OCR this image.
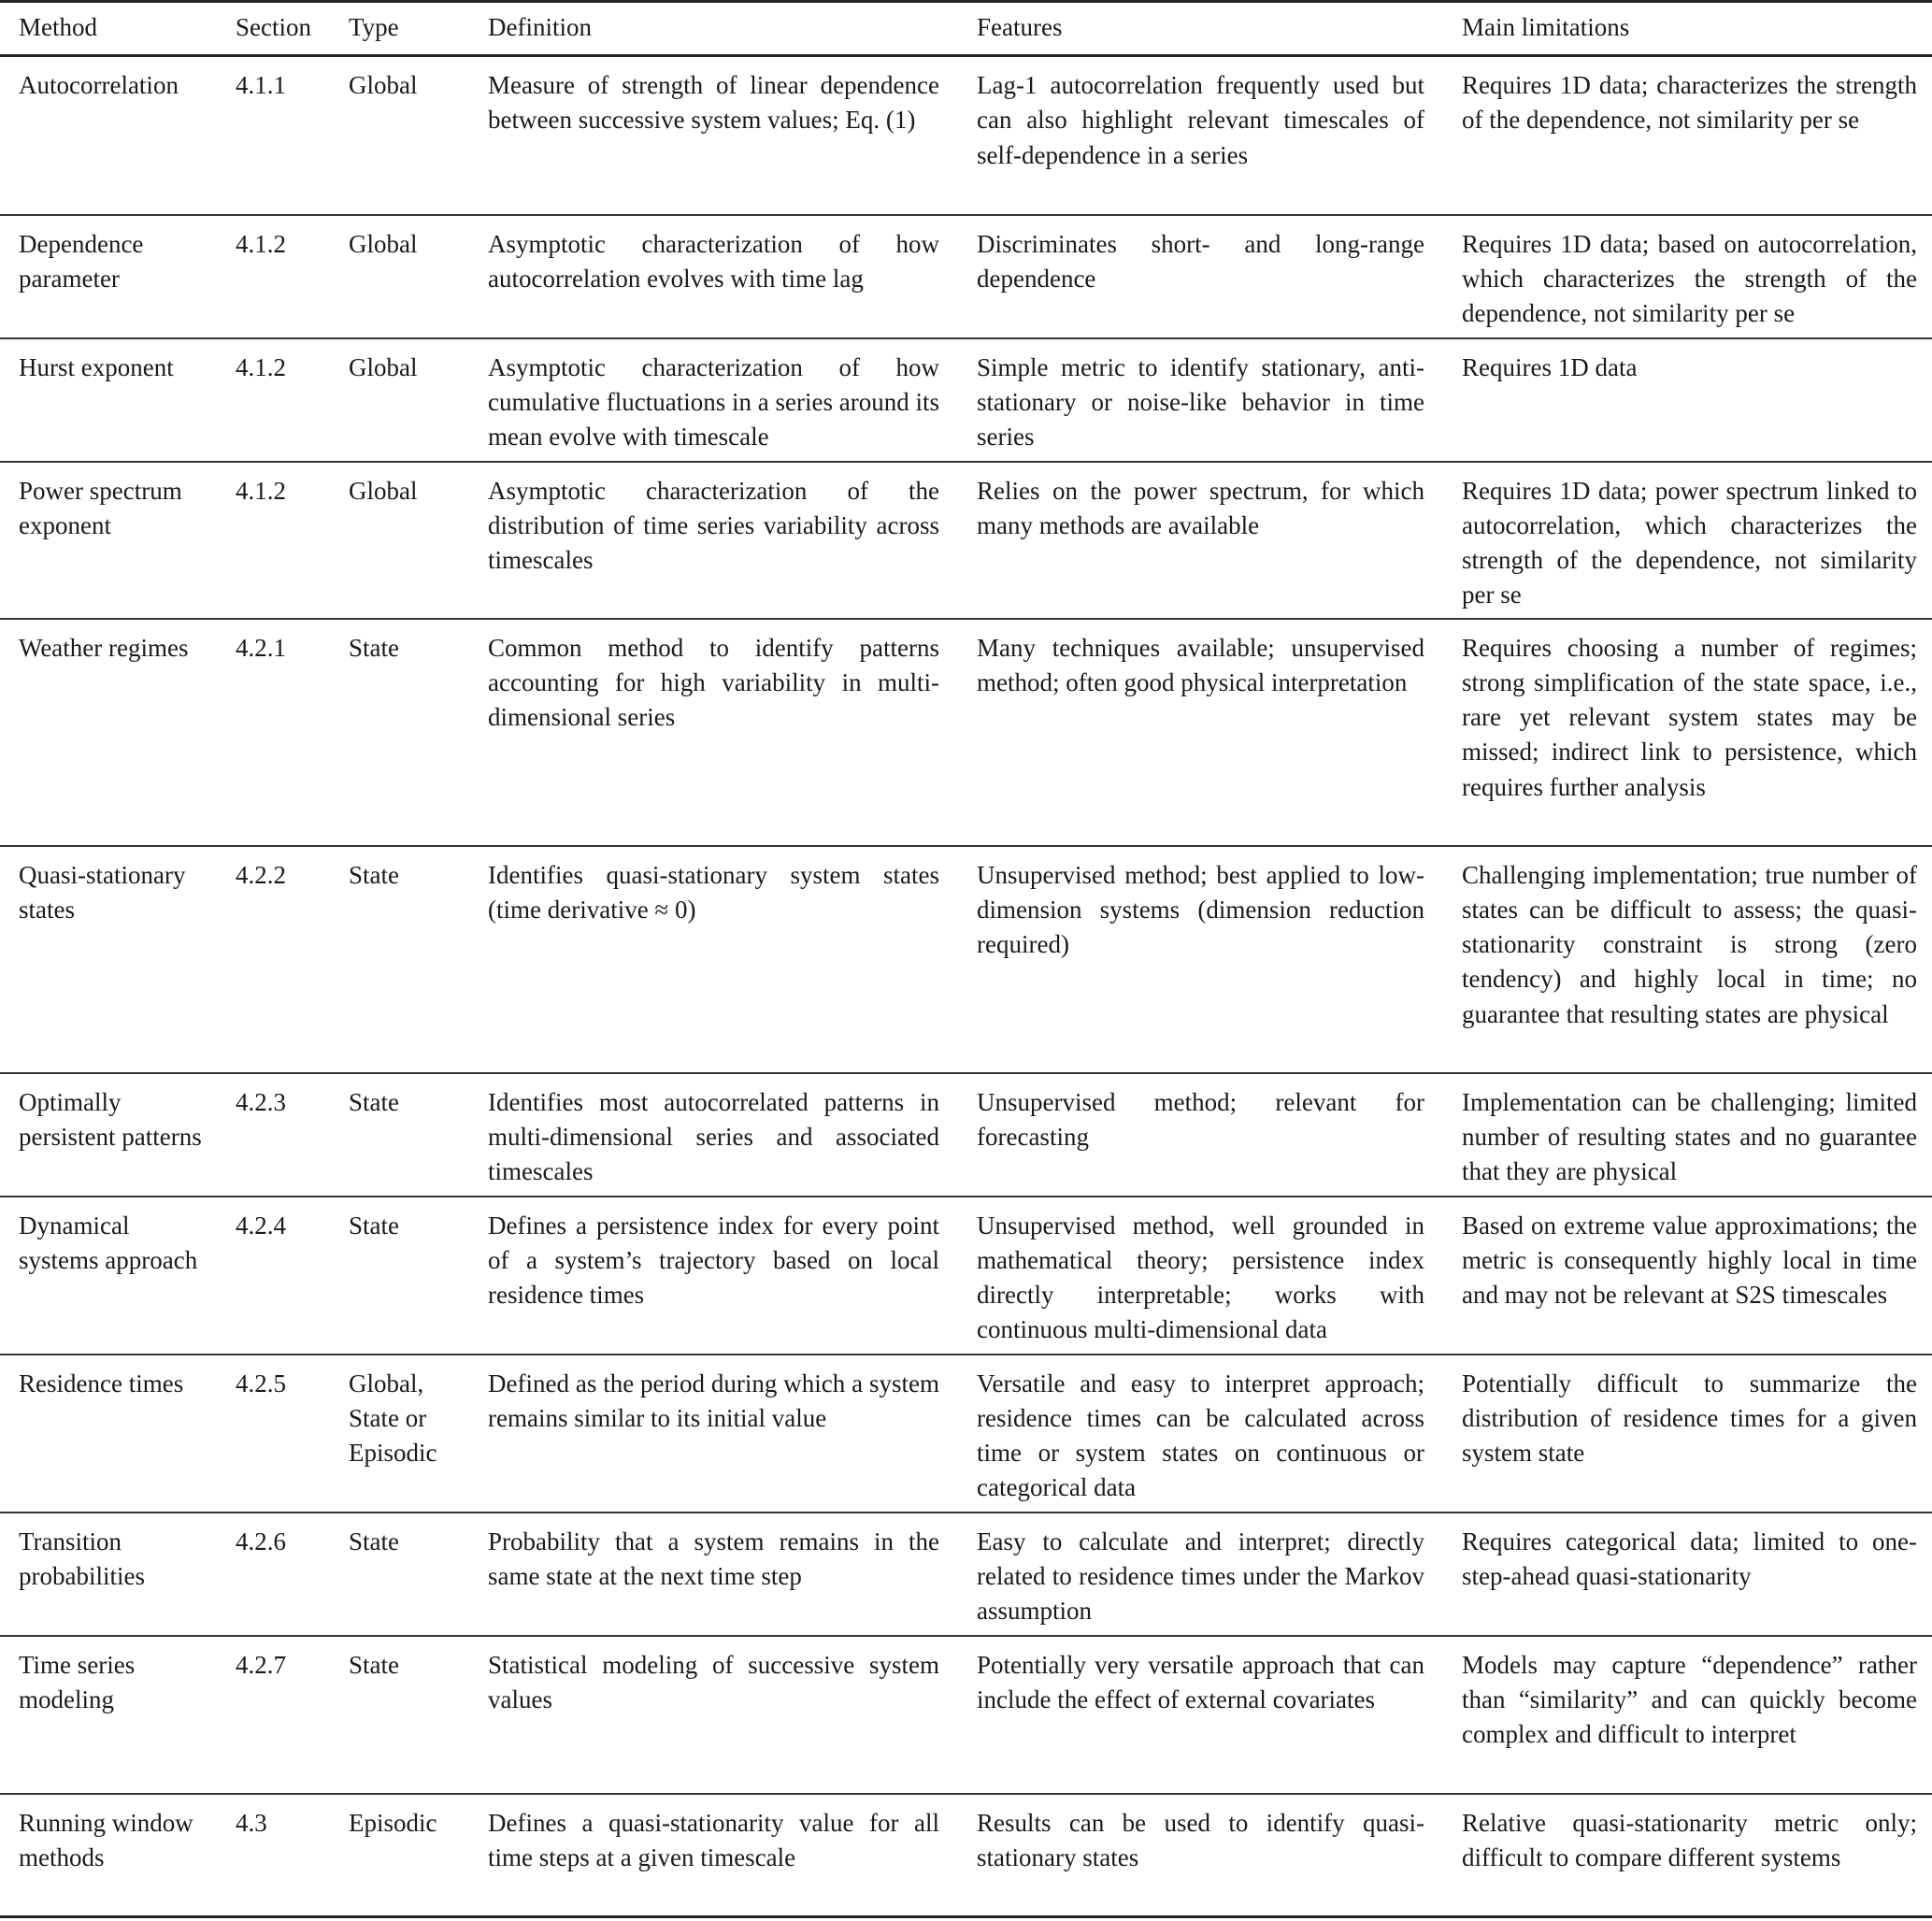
Method	Section	Type	Definition	Features	Main limitations
Autocorrelation	4.1.1	Global	Measure of strength of linear dependence between successive system values; Eq. (1)	Lag-1 autocorrelation frequently used but can also highlight relevant timescales of self-dependence in a series	Requires 1D data; characterizes the strength of the dependence, not similarity per se
Dependence parameter	4.1.2	Global	Asymptotic characterization of how autocorrelation evolves with time lag	Discriminates short- and long-range dependence	Requires 1D data; based on autocorrelation, which characterizes the strength of the dependence, not similarity per se
Hurst exponent	4.1.2	Global	Asymptotic characterization of how cumulative fluctuations in a series around its mean evolve with timescale	Simple metric to identify stationary, anti-stationary or noise-like behavior in time series	Requires 1D data
Power spectrum exponent	4.1.2	Global	Asymptotic characterization of the distribution of time series variability across timescales	Relies on the power spectrum, for which many methods are available	Requires 1D data; power spectrum linked to autocorrelation, which characterizes the strength of the dependence, not similarity per se
Weather regimes	4.2.1	State	Common method to identify patterns accounting for high variability in multi-dimensional series	Many techniques available; unsupervised method; often good physical interpretation	Requires choosing a number of regimes; strong simplification of the state space, i.e., rare yet relevant system states may be missed; indirect link to persistence, which requires further analysis
Quasi-stationary states	4.2.2	State	Identifies quasi-stationary system states (time derivative ≈ 0)	Unsupervised method; best applied to low-dimension systems (dimension reduction required)	Challenging implementation; true number of states can be difficult to assess; the quasi-stationarity constraint is strong (zero tendency) and highly local in time; no guarantee that resulting states are physical
Optimally persistent patterns	4.2.3	State	Identifies most autocorrelated patterns in multi-dimensional series and associated timescales	Unsupervised method; relevant for forecasting	Implementation can be challenging; limited number of resulting states and no guarantee that they are physical
Dynamical systems approach	4.2.4	State	Defines a persistence index for every point of a system’s trajectory based on local residence times	Unsupervised method, well grounded in mathematical theory; persistence index directly interpretable; works with continuous multi-dimensional data	Based on extreme value approximations; the metric is consequently highly local in time and may not be relevant at S2S timescales
Residence times	4.2.5	Global, State or Episodic	Defined as the period during which a system remains similar to its initial value	Versatile and easy to interpret approach; residence times can be calculated across time or system states on continuous or categorical data	Potentially difficult to summarize the distribution of residence times for a given system state
Transition probabilities	4.2.6	State	Probability that a system remains in the same state at the next time step	Easy to calculate and interpret; directly related to residence times under the Markov assumption	Requires categorical data; limited to one-step-ahead quasi-stationarity
Time series modeling	4.2.7	State	Statistical modeling of successive system values	Potentially very versatile approach that can include the effect of external covariates	Models may capture “dependence” rather than “similarity” and can quickly become complex and difficult to interpret
Running window methods	4.3	Episodic	Defines a quasi-stationarity value for all time steps at a given timescale	Results can be used to identify quasi-stationary states	Relative quasi-stationarity metric only; difficult to compare different systems
